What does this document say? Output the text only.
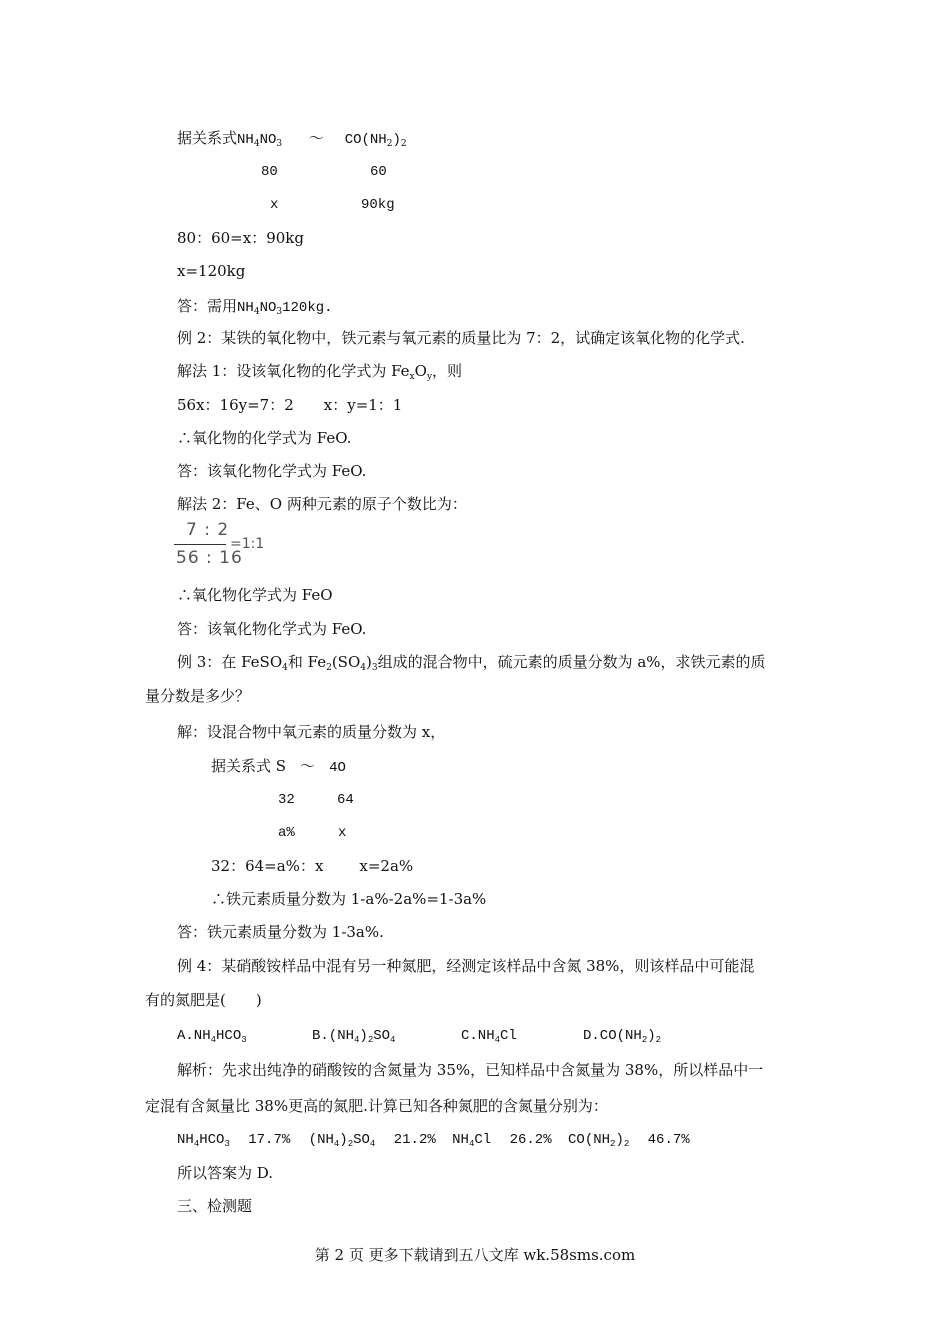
据关系式$NH_4NO_3$ ～ $CO(NH_2)_2$
80	60
x	90kg
80：60=x：90kg
x=120kg
答：需用$NH_4NO_3120kg$.
例 2：某铁的氧化物中，铁元素与氧元素的质量比为 7：2，试确定该氧化物的化学式.
解法 1：设该氧化物的化学式为 $Fe_xO_y$，则
56x：16y=7：2　　x：y=1：1
∴氧化物的化学式为 FeO.
答：该氧化物化学式为 FeO.
解法 2：Fe、O 两种元素的原子个数比为：
7 : 2
56 : 16
=1:1
∴氧化物化学式为 FeO
答：该氧化物化学式为 FeO.
例 3：在 FeSO$_4$和 $Fe_2(SO_4)_3$组成的混合物中，硫元素的质量分数为 a%，求铁元素的质
量分数是多少？
解：设混合物中氧元素的质量分数为 x，
据关系式 S ～ 4O
32	64
a%	x
32：64=a%：x x=2a%
∴铁元素质量分数为 1-a%-2a%=1-3a%
答：铁元素质量分数为 1-3a%.
例 4：某硝酸铵样品中混有另一种氮肥，经测定该样品中含氮 38%，则该样品中可能混
有的氮肥是(　　)
$A.NH_4HCO_3$	$B.(NH_4)_2SO_4$	$C.NH_4Cl$	$D.CO(NH_2)_2$
解析：先求出纯净的硝酸铵的含氮量为 35%，已知样品中含氮量为 38%，所以样品中一
定混有含氮量比 38%更高的氮肥.计算已知各种氮肥的含氮量分别为：
$NH_4HCO_3$ 17.7% $(NH_4)_2SO_4$ 21.2% $NH_4Cl$ 26.2% $CO(NH_2)_2$ 46.7%
所以答案为 D.
三、检测题
第 2 页 更多下载请到五八文库 wk.58sms.com
